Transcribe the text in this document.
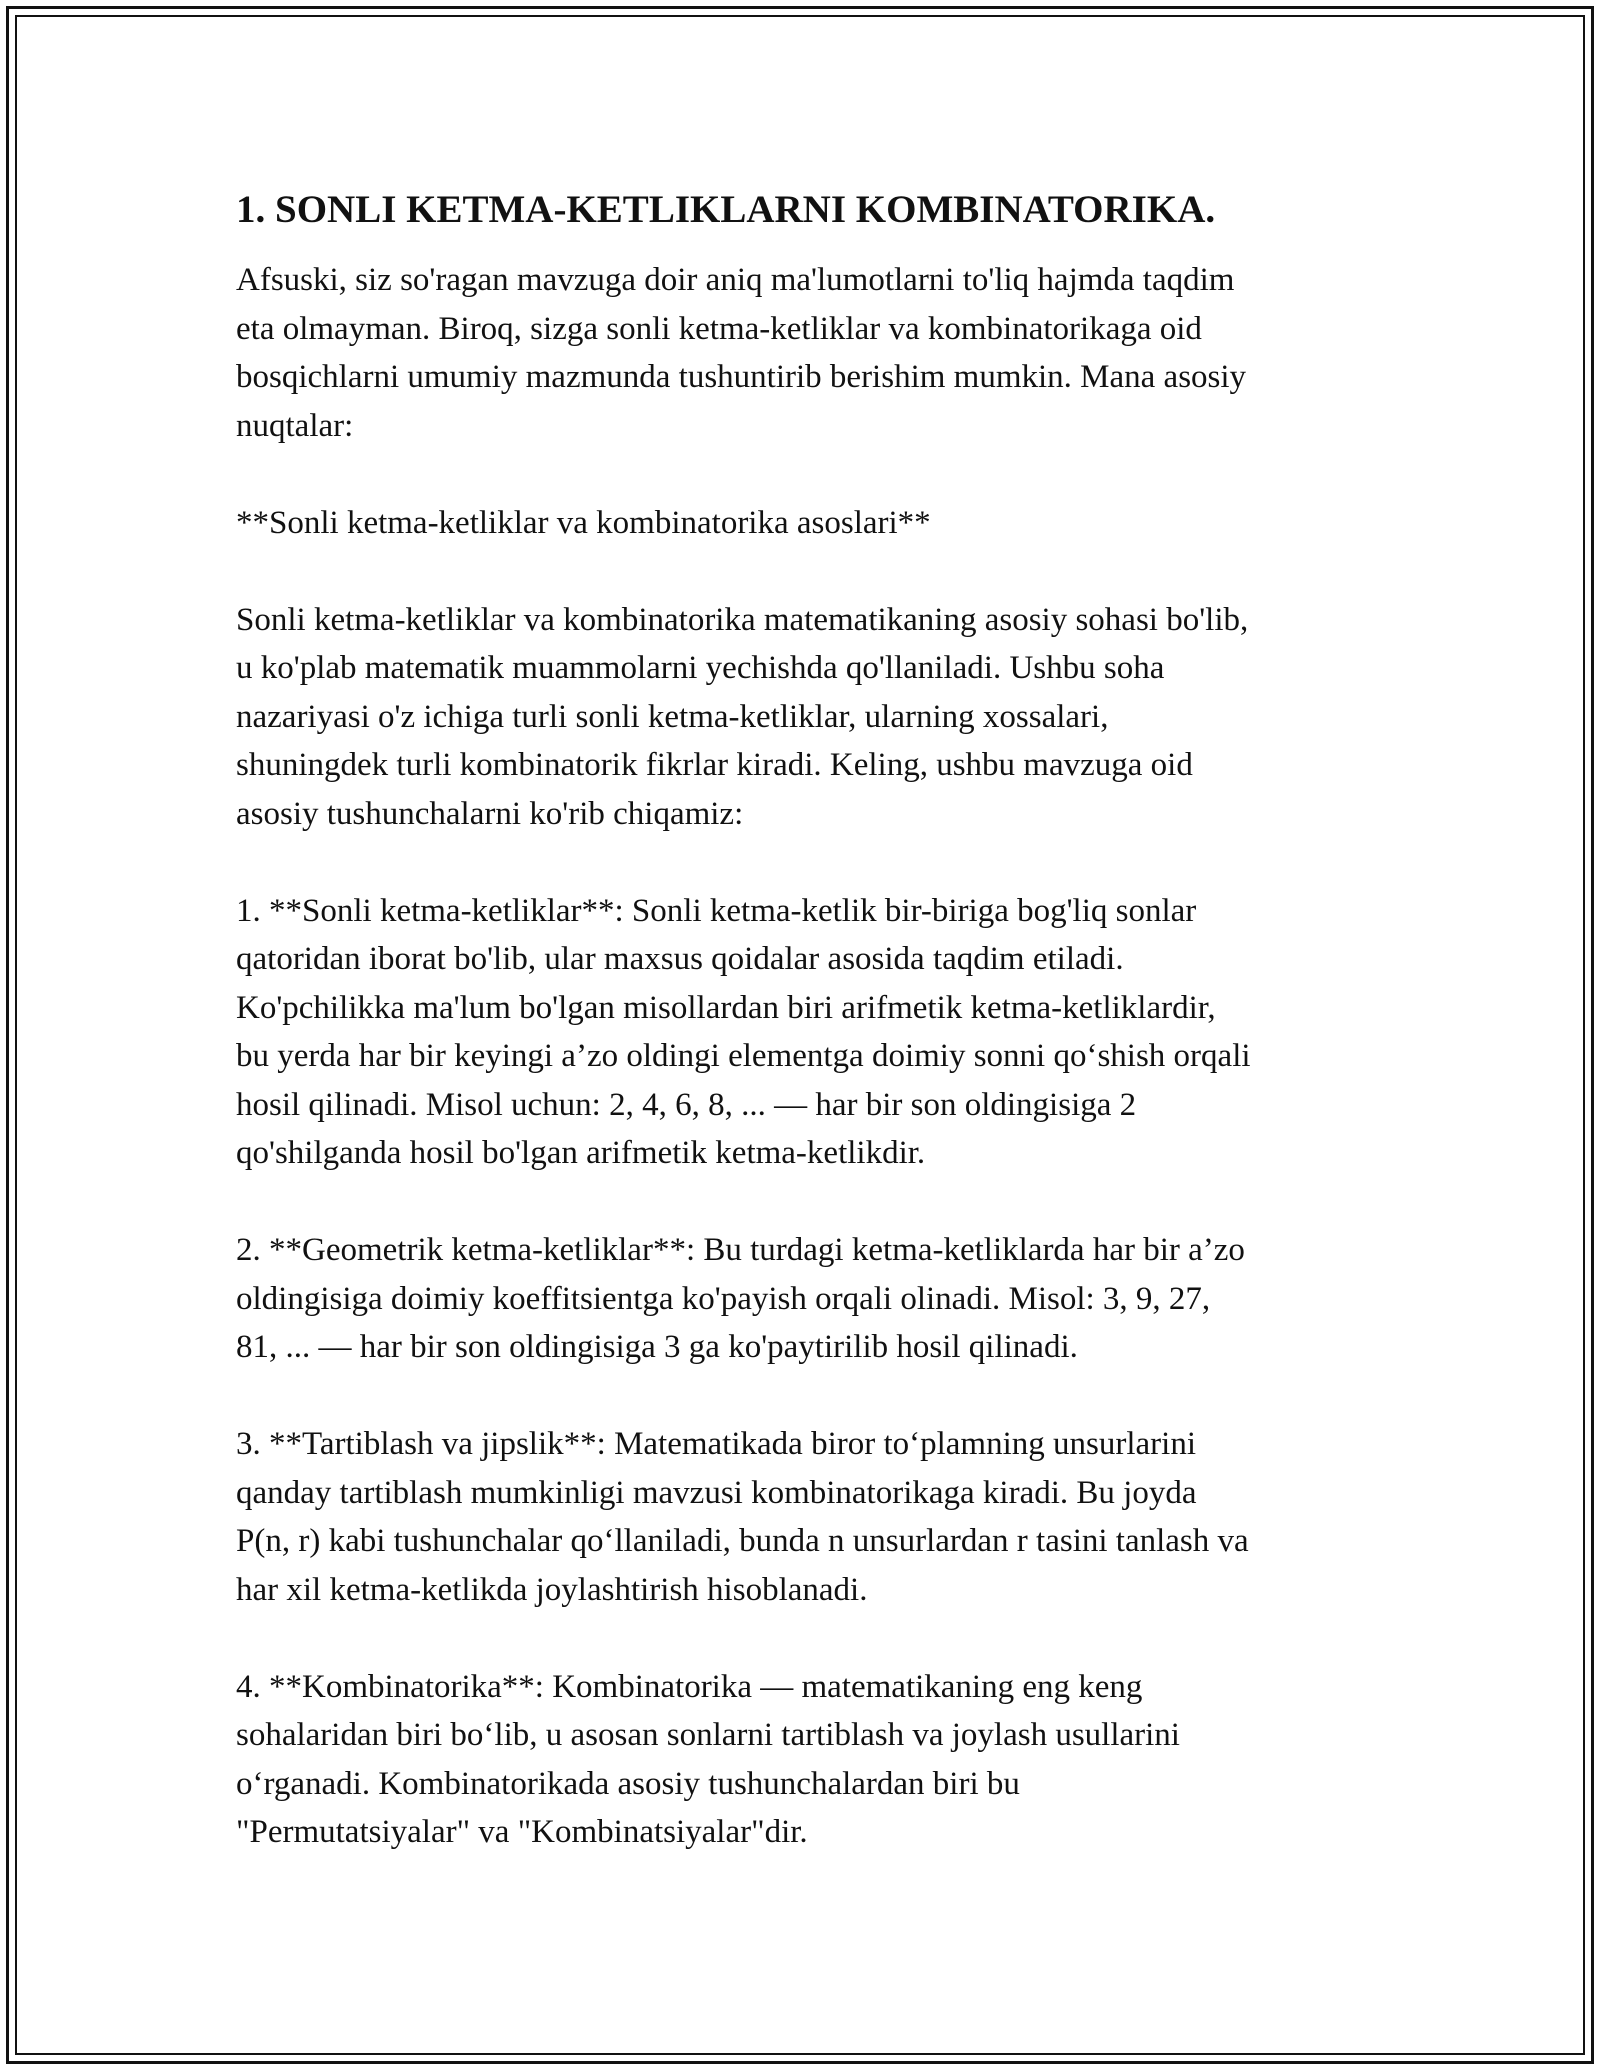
1. SONLI KETMA-KETLIKLARNI KOMBINATORIKA.

Afsuski, siz so'ragan mavzuga doir aniq ma'lumotlarni to'liq hajmda taqdim
eta olmayman. Biroq, sizga sonli ketma-ketliklar va kombinatorikaga oid
bosqichlarni umumiy mazmunda tushuntirib berishim mumkin. Mana asosiy
nuqtalar:

**Sonli ketma-ketliklar va kombinatorika asoslari**

Sonli ketma-ketliklar va kombinatorika matematikaning asosiy sohasi bo'lib,
u ko'plab matematik muammolarni yechishda qo'llaniladi. Ushbu soha
nazariyasi o'z ichiga turli sonli ketma-ketliklar, ularning xossalari,
shuningdek turli kombinatorik fikrlar kiradi. Keling, ushbu mavzuga oid
asosiy tushunchalarni ko'rib chiqamiz:

1. **Sonli ketma-ketliklar**: Sonli ketma-ketlik bir-biriga bog'liq sonlar
qatoridan iborat bo'lib, ular maxsus qoidalar asosida taqdim etiladi.
Ko'pchilikka ma'lum bo'lgan misollardan biri arifmetik ketma-ketliklardir,
bu yerda har bir keyingi a’zo oldingi elementga doimiy sonni qo‘shish orqali
hosil qilinadi. Misol uchun: 2, 4, 6, 8, ... — har bir son oldingisiga 2
qo'shilganda hosil bo'lgan arifmetik ketma-ketlikdir.

2. **Geometrik ketma-ketliklar**: Bu turdagi ketma-ketliklarda har bir a’zo
oldingisiga doimiy koeffitsientga ko'payish orqali olinadi. Misol: 3, 9, 27,
81, ... — har bir son oldingisiga 3 ga ko'paytirilib hosil qilinadi.

3. **Tartiblash va jipslik**: Matematikada biror to‘plamning unsurlarini
qanday tartiblash mumkinligi mavzusi kombinatorikaga kiradi. Bu joyda
P(n, r) kabi tushunchalar qo‘llaniladi, bunda n unsurlardan r tasini tanlash va
har xil ketma-ketlikda joylashtirish hisoblanadi.

4. **Kombinatorika**: Kombinatorika — matematikaning eng keng
sohalaridan biri bo‘lib, u asosan sonlarni tartiblash va joylash usullarini
o‘rganadi. Kombinatorikada asosiy tushunchalardan biri bu
"Permutatsiyalar" va "Kombinatsiyalar"dir.
